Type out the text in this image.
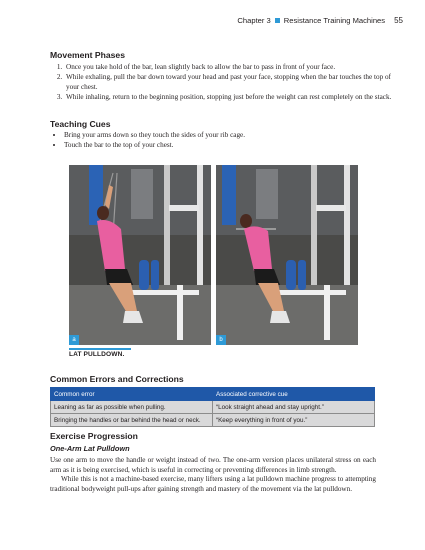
Chapter 3 Resistance Training Machines 55
Movement Phases
1. Once you take hold of the bar, lean slightly back to allow the bar to pass in front of your face.
2. While exhaling, pull the bar down toward your head and past your face, stopping when the bar touches the top of your chest.
3. While inhaling, return to the beginning position, stopping just before the weight can rest completely on the stack.
Teaching Cues
• Bring your arms down so they touch the sides of your rib cage.
• Touch the bar to the top of your chest.
a	b
LAT PULLDOWN.
Common Errors and Corrections
Common error	Associated corrective cue
Leaning as far as possible when pulling.	“Look straight ahead and stay upright.”
Bringing the handles or bar behind the head or neck.	“Keep everything in front of you.”
Exercise Progression
One-Arm Lat Pulldown

Use one arm to move the handle or weight instead of two. The one-arm version places unilateral stress on each arm as it is being exercised, which is useful in correcting or preventing differences in limb strength.

While this is not a machine-based exercise, many lifters using a lat pulldown machine progress to attempting traditional bodyweight pull-ups after gaining strength and mastery of the movement via the lat pulldown.
